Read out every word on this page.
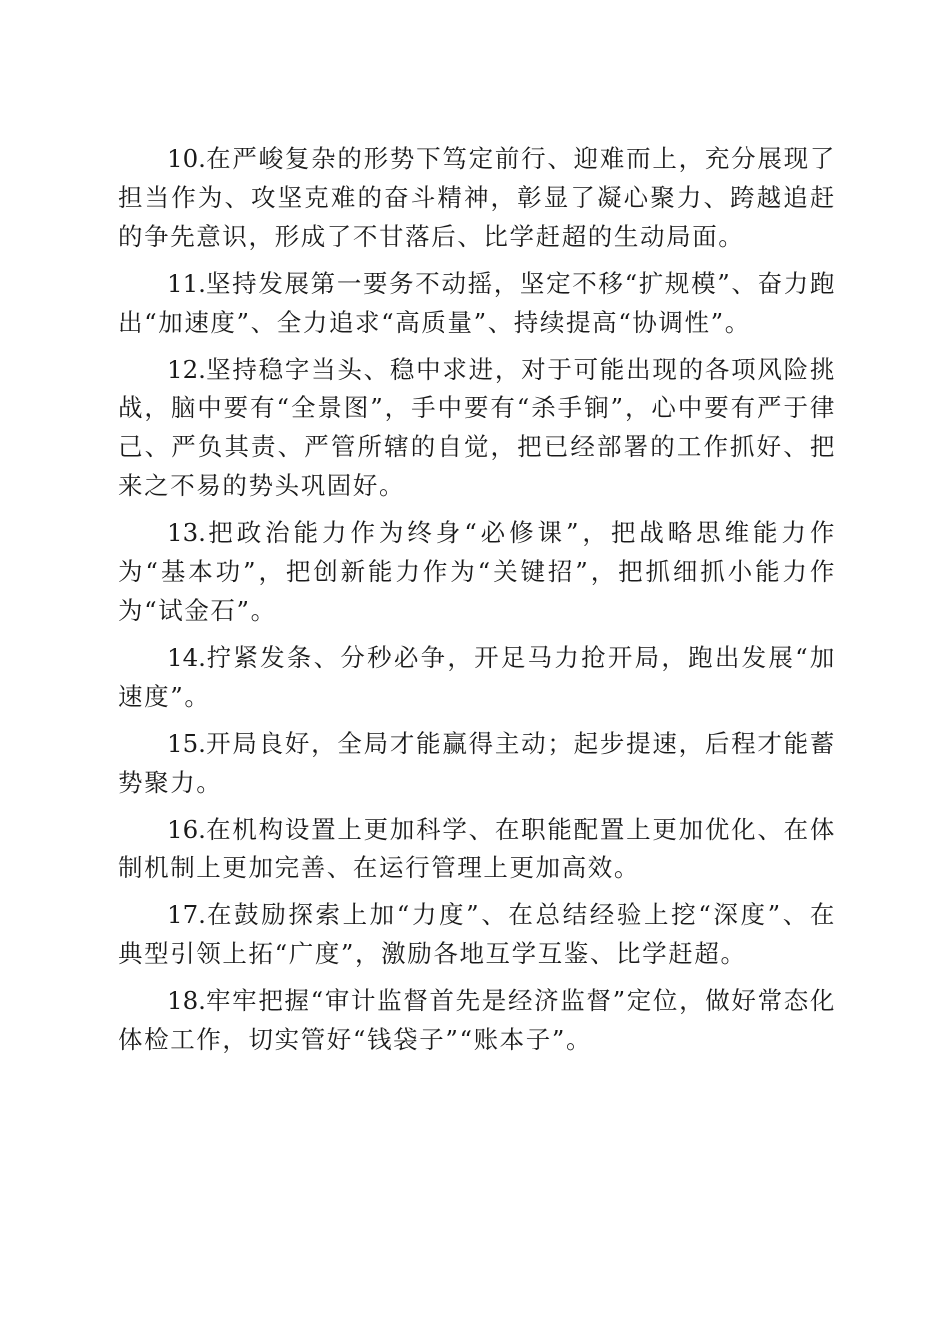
10.在严峻复杂的形势下笃定前行、迎难而上，充分展现了担当作为、攻坚克难的奋斗精神，彰显了凝心聚力、跨越追赶的争先意识，形成了不甘落后、比学赶超的生动局面。

11.坚持发展第一要务不动摇，坚定不移“扩规模”、奋力跑出“加速度”、全力追求“高质量”、持续提高“协调性”。

12.坚持稳字当头、稳中求进，对于可能出现的各项风险挑战，脑中要有“全景图”，手中要有“杀手锏”，心中要有严于律己、严负其责、严管所辖的自觉，把已经部署的工作抓好、把来之不易的势头巩固好。

13.把政治能力作为终身“必修课”，把战略思维能力作为“基本功”，把创新能力作为“关键招”，把抓细抓小能力作为“试金石”。

14.拧紧发条、分秒必争，开足马力抢开局，跑出发展“加速度”。

15.开局良好，全局才能赢得主动；起步提速，后程才能蓄势聚力。

16.在机构设置上更加科学、在职能配置上更加优化、在体制机制上更加完善、在运行管理上更加高效。

17.在鼓励探索上加“力度”、在总结经验上挖“深度”、在典型引领上拓“广度”，激励各地互学互鉴、比学赶超。

18.牢牢把握“审计监督首先是经济监督”定位，做好常态化体检工作，切实管好“钱袋子”“账本子”。
